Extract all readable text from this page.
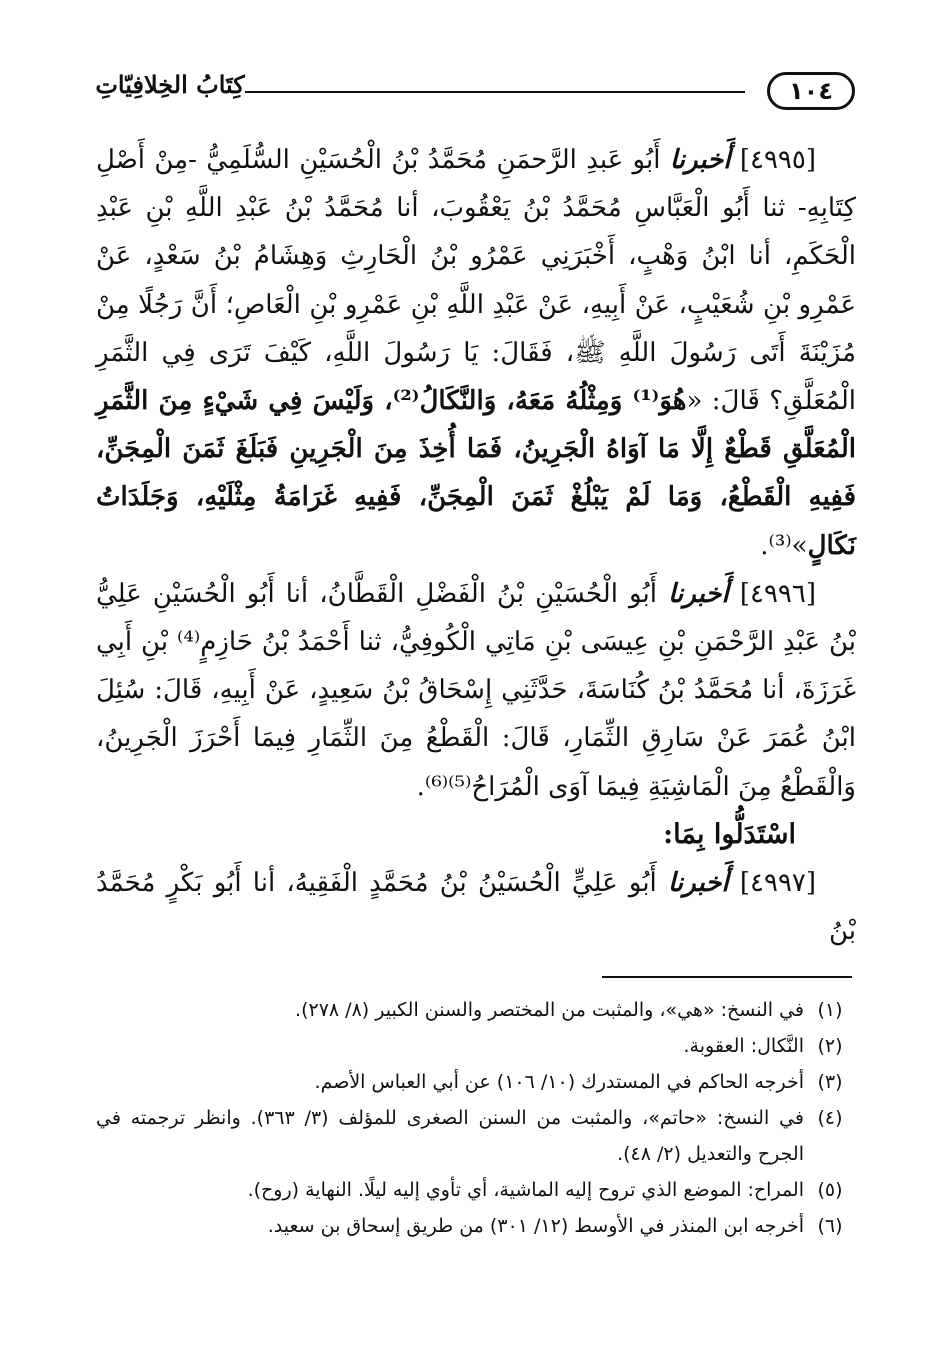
كِتَابُ الخِلافِيّاتِ	١٠٤

[٤٩٩٥] أَخبرنا أَبُو عَبدِ الرَّحمَنِ مُحَمَّدُ بْنُ الْحُسَيْنِ السُّلَمِيُّ -مِنْ أَصْلِ كِتَابِهِ- ثنا أَبُو الْعَبَّاسِ مُحَمَّدُ بْنُ يَعْقُوبَ، أنا مُحَمَّدُ بْنُ عَبْدِ اللَّهِ بْنِ عَبْدِ الْحَكَمِ، أنا ابْنُ وَهْبٍ، أَخْبَرَنِي عَمْرُو بْنُ الْحَارِثِ وَهِشَامُ بْنُ سَعْدٍ، عَنْ عَمْرِو بْنِ شُعَيْبٍ، عَنْ أَبِيهِ، عَنْ عَبْدِ اللَّهِ بْنِ عَمْرِو بْنِ الْعَاصِ؛ أَنَّ رَجُلًا مِنْ مُزَيْنَةَ أَتَى رَسُولَ اللَّهِ ﷺ، فَقَالَ: يَا رَسُولَ اللَّهِ، كَيْفَ تَرَى فِي الثَّمَرِ الْمُعَلَّقِ؟ قَالَ: «هُوَ⁽¹⁾ وَمِثْلُهُ مَعَهُ، وَالنَّكَالُ⁽²⁾، وَلَيْسَ فِي شَيْءٍ مِنَ الثَّمَرِ الْمُعَلَّقِ قَطْعٌ إِلَّا مَا آوَاهُ الْجَرِينُ، فَمَا أُخِذَ مِنَ الْجَرِينِ فَبَلَغَ ثَمَنَ الْمِجَنِّ، فَفِيهِ الْقَطْعُ، وَمَا لَمْ يَبْلُغْ ثَمَنَ الْمِجَنِّ، فَفِيهِ غَرَامَةُ مِثْلَيْهِ، وَجَلَدَاتُ نَكَالٍ»⁽³⁾.

[٤٩٩٦] أَخبرنا أَبُو الْحُسَيْنِ بْنُ الْفَضْلِ الْقَطَّانُ، أنا أَبُو الْحُسَيْنِ عَلِيُّ بْنُ عَبْدِ الرَّحْمَنِ بْنِ عِيسَى بْنِ مَاتِي الْكُوفِيُّ، ثنا أَحْمَدُ بْنُ حَازِمٍ⁽⁴⁾ بْنِ أَبِي غَرَزَةَ، أنا مُحَمَّدُ بْنُ كُنَاسَةَ، حَدَّثَنِي إِسْحَاقُ بْنُ سَعِيدٍ، عَنْ أَبِيهِ، قَالَ: سُئِلَ ابْنُ عُمَرَ عَنْ سَارِقِ الثِّمَارِ، قَالَ: الْقَطْعُ مِنَ الثِّمَارِ فِيمَا أَحْرَزَ الْجَرِينُ، وَالْقَطْعُ مِنَ الْمَاشِيَةِ فِيمَا آوَى الْمُرَاحُ⁽⁵⁾⁽⁶⁾.

اسْتَدَلُّوا بِمَا:

[٤٩٩٧] أَخبرنا أَبُو عَلِيٍّ الْحُسَيْنُ بْنُ مُحَمَّدٍ الْفَقِيهُ، أنا أَبُو بَكْرٍ مُحَمَّدُ بْنُ

(١)
في النسخ: «هي»، والمثبت من المختصر والسنن الكبير (٨/ ٢٧٨).
(٢)
النَّكال: العقوبة.
(٣)
أخرجه الحاكم في المستدرك (١٠/ ١٠٦) عن أبي العباس الأصم.
(٤)
في النسخ: «حاتم»، والمثبت من السنن الصغرى للمؤلف (٣/ ٣٦٣). وانظر ترجمته في الجرح والتعديل (٢/ ٤٨).
(٥)
المراح: الموضع الذي تروح إليه الماشية، أي تأوي إليه ليلًا. النهاية (روح).
(٦)
أخرجه ابن المنذر في الأوسط (١٢/ ٣٠١) من طريق إسحاق بن سعيد.
